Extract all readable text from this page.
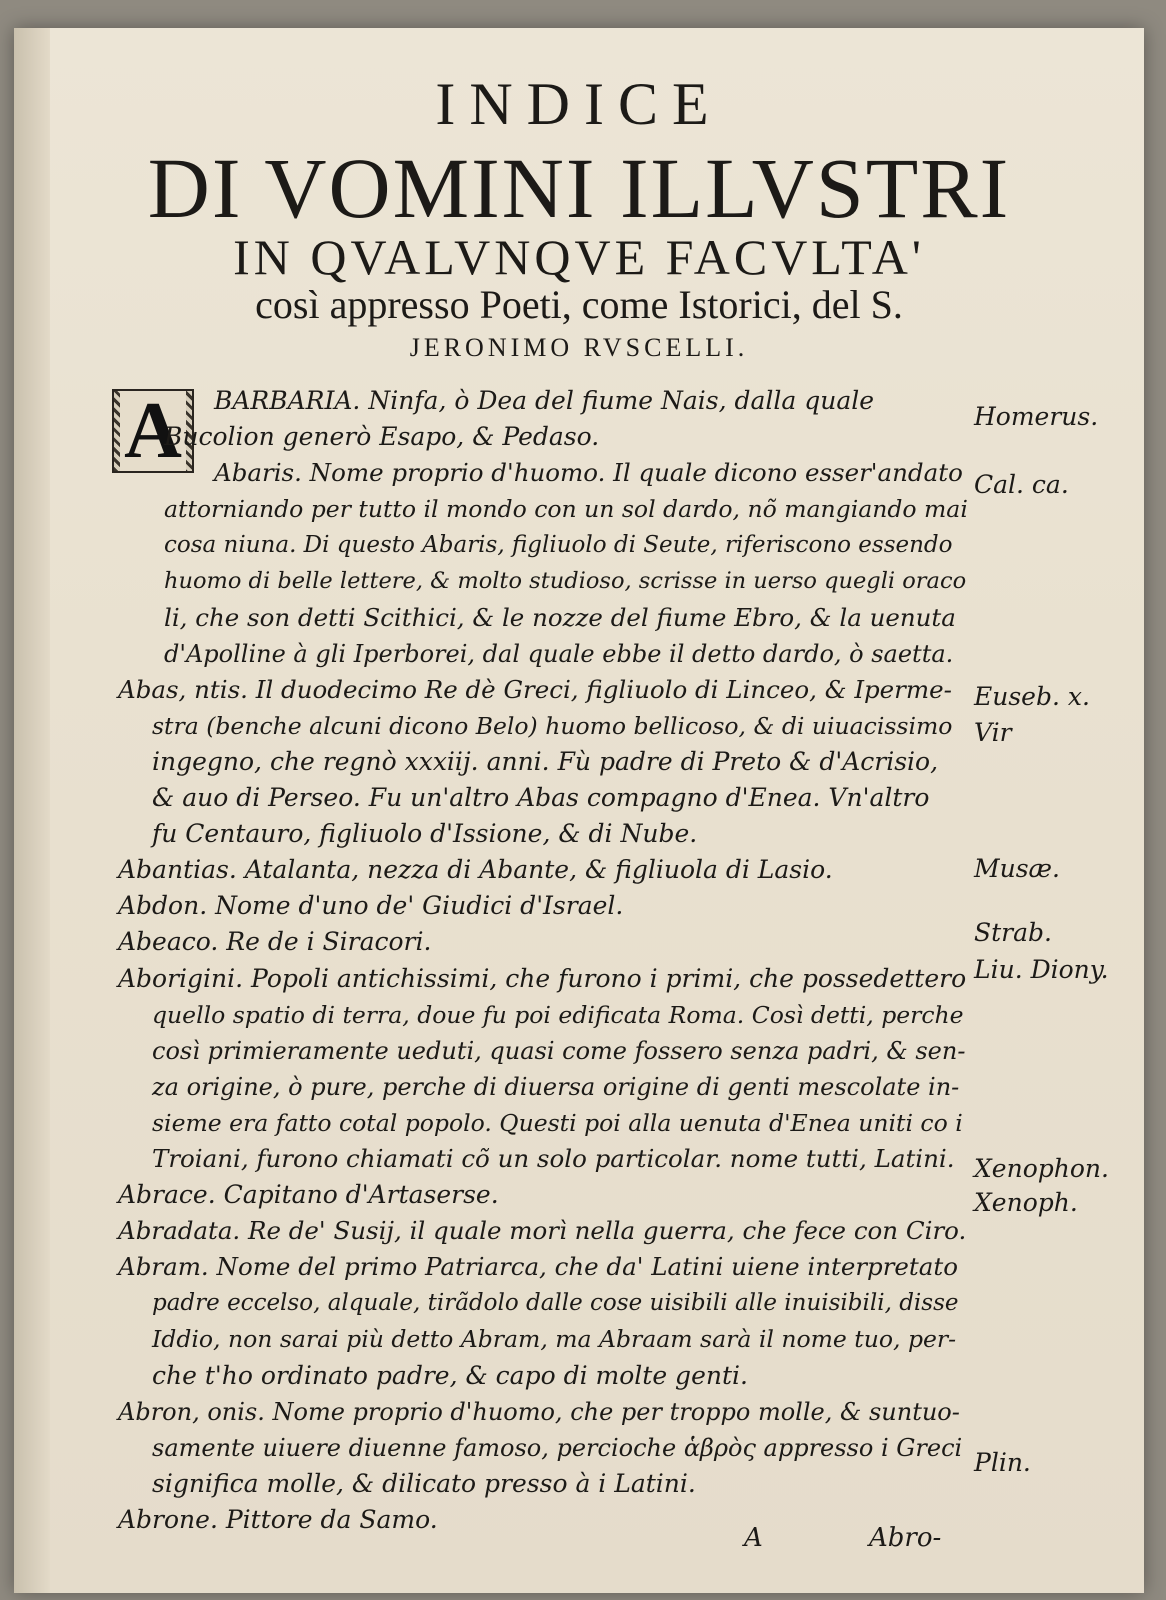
INDICE
DI VOMINI ILLVSTRI
IN QVALVNQVE FACVLTA'
così appresso Poeti, come Istorici, del S.
JERONIMO RVSCELLI.
A	BARBARIA. Ninfa, ò Dea del fiume Nais, dalla quale
Bucolion generò Esapo, & Pedaso.
Abaris. Nome proprio d'huomo. Il quale dicono esser'andato
attorniando per tutto il mondo con un sol dardo, nõ mangiando mai
cosa niuna. Di questo Abaris, figliuolo di Seute, riferiscono essendo
huomo di belle lettere, & molto studioso, scrisse in uerso quegli oraco
li, che son detti Scithici, & le nozze del fiume Ebro, & la uenuta
d'Apolline à gli Iperborei, dal quale ebbe il detto dardo, ò saetta.
Abas, ntis. Il duodecimo Re dè Greci, figliuolo di Linceo, & Iperme-
stra (benche alcuni dicono Belo) huomo bellicoso, & di uiuacissimo
ingegno, che regnò xxxiij. anni. Fù padre di Preto & d'Acrisio,
& auo di Perseo. Fu un'altro Abas compagno d'Enea. Vn'altro
fu Centauro, figliuolo d'Issione, & di Nube.
Abantias. Atalanta, nezza di Abante, & figliuola di Lasio.
Abdon. Nome d'uno de' Giudici d'Israel.
Abeaco. Re de i Siracori.
Aborigini. Popoli antichissimi, che furono i primi, che possedettero
quello spatio di terra, doue fu poi edificata Roma. Così detti, perche
così primieramente ueduti, quasi come fossero senza padri, & sen-
za origine, ò pure, perche di diuersa origine di genti mescolate in-
sieme era fatto cotal popolo. Questi poi alla uenuta d'Enea uniti co i
Troiani, furono chiamati cõ un solo particolar. nome tutti, Latini.
Abrace. Capitano d'Artaserse.
Abradata. Re de' Susij, il quale morì nella guerra, che fece con Ciro.
Abram. Nome del primo Patriarca, che da' Latini uiene interpretato
padre eccelso, alquale, tirãdolo dalle cose uisibili alle inuisibili, disse
Iddio, non sarai più detto Abram, ma Abraam sarà il nome tuo, per-
che t'ho ordinato padre, & capo di molte genti.
Abron, onis. Nome proprio d'huomo, che per troppo molle, & suntuo-
samente uiuere diuenne famoso, percioche ἁβρὸς appresso i Greci
significa molle, & dilicato presso à i Latini.
Abrone. Pittore da Samo.
Homerus.
Cal. ca.
Euseb. x.
Vir
Musæ.
Strab.
Liu. Diony.
Xenophon.
Xenoph.
Plin.
A	Abro-
